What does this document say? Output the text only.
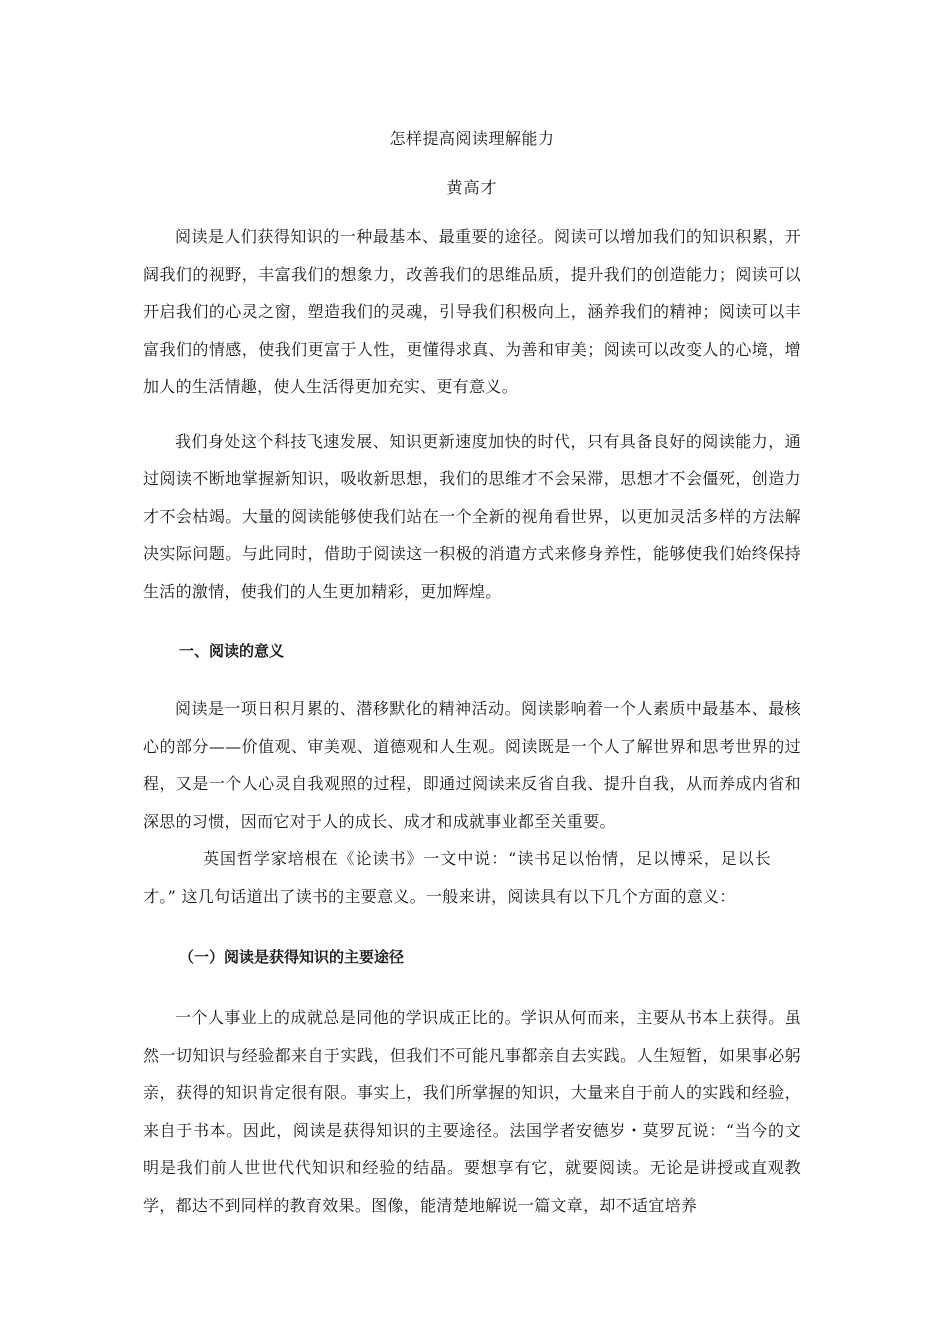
怎样提高阅读理解能力
黄高才

阅读是人们获得知识的一种最基本、最重要的途径。阅读可以增加我们的知识积累，开阔我们的视野，丰富我们的想象力，改善我们的思维品质，提升我们的创造能力；阅读可以开启我们的心灵之窗，塑造我们的灵魂，引导我们积极向上，涵养我们的精神；阅读可以丰富我们的情感，使我们更富于人性，更懂得求真、为善和审美；阅读可以改变人的心境，增加人的生活情趣，使人生活得更加充实、更有意义。

我们身处这个科技飞速发展、知识更新速度加快的时代，只有具备良好的阅读能力，通过阅读不断地掌握新知识，吸收新思想，我们的思维才不会呆滞，思想才不会僵死，创造力才不会枯竭。大量的阅读能够使我们站在一个全新的视角看世界，以更加灵活多样的方法解决实际问题。与此同时，借助于阅读这一积极的消遣方式来修身养性，能够使我们始终保持生活的激情，使我们的人生更加精彩，更加辉煌。

一、阅读的意义

阅读是一项日积月累的、潜移默化的精神活动。阅读影响着一个人素质中最基本、最核心的部分——价值观、审美观、道德观和人生观。阅读既是一个人了解世界和思考世界的过程，又是一个人心灵自我观照的过程，即通过阅读来反省自我、提升自我，从而养成内省和深思的习惯，因而它对于人的成长、成才和成就事业都至关重要。

英国哲学家培根在《论读书》一文中说：“读书足以怡情，足以博采，足以长才。” 这几句话道出了读书的主要意义。一般来讲，阅读具有以下几个方面的意义：

（一）阅读是获得知识的主要途径

一个人事业上的成就总是同他的学识成正比的。学识从何而来，主要从书本上获得。虽然一切知识与经验都来自于实践，但我们不可能凡事都亲自去实践。人生短暂，如果事必躬亲，获得的知识肯定很有限。事实上，我们所掌握的知识，大量来自于前人的实践和经验，来自于书本。因此，阅读是获得知识的主要途径。法国学者安德岁・莫罗瓦说：“当今的文明是我们前人世世代代知识和经验的结晶。要想享有它，就要阅读。无论是讲授或直观教学，都达不到同样的教育效果。图像，能清楚地解说一篇文章，却不适宜培养
